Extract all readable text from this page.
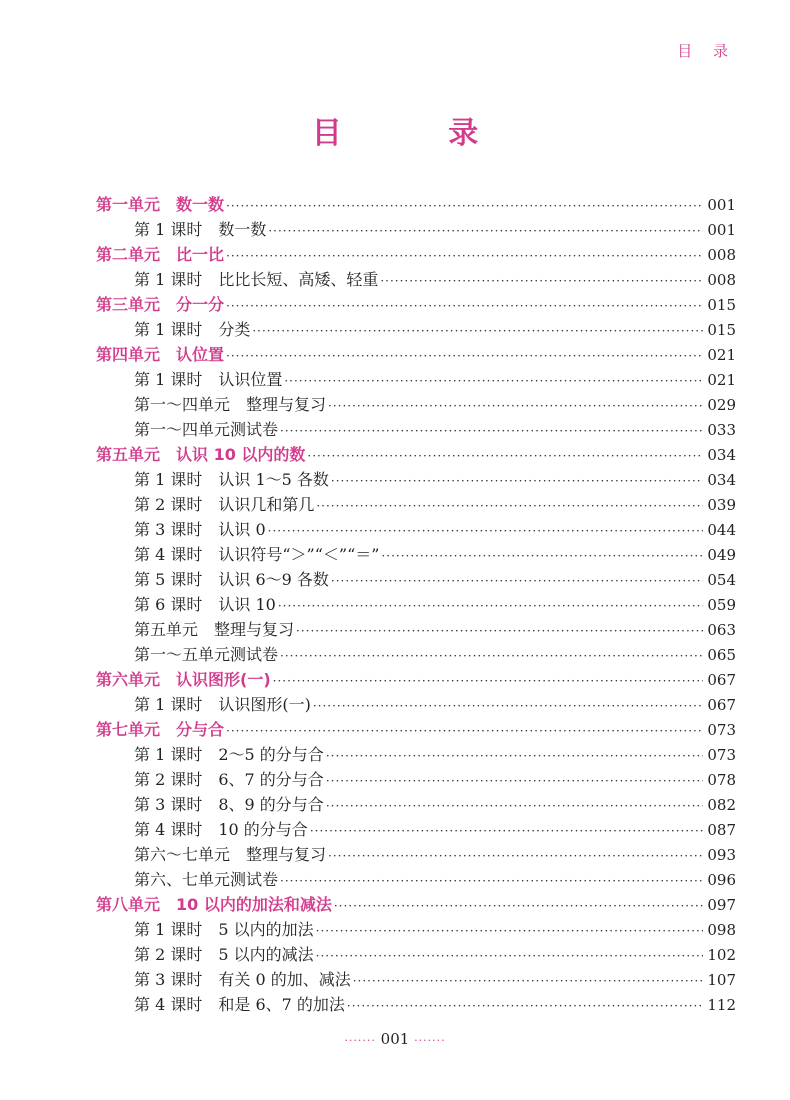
目 录
目 录
第一单元　数一数 ·····	001
第 1 课时　数一数 ·····	001
第二单元　比一比 ·····	008
第 1 课时　比比长短、高矮、轻重 ·····	008
第三单元　分一分 ·····	015
第 1 课时　分类 ·····	015
第四单元　认位置 ·····	021
第 1 课时　认识位置 ·····	021
第一～四单元　整理与复习 ·····	029
第一～四单元测试卷 ·····	033
第五单元　认识 10 以内的数 ·····	034
第 1 课时　认识 1～5 各数 ·····	034
第 2 课时　认识几和第几 ·····	039
第 3 课时　认识 0 ·····	044
第 4 课时　认识符号“＞”“＜”“＝” ·····	049
第 5 课时　认识 6～9 各数 ·····	054
第 6 课时　认识 10 ·····	059
第五单元　整理与复习 ·····	063
第一～五单元测试卷 ·····	065
第六单元　认识图形(一) ·····	067
第 1 课时　认识图形(一) ·····	067
第七单元　分与合 ·····	073
第 1 课时　2～5 的分与合 ·····	073
第 2 课时　6、7 的分与合 ·····	078
第 3 课时　8、9 的分与合 ·····	082
第 4 课时　10 的分与合 ·····	087
第六～七单元　整理与复习 ·····	093
第六、七单元测试卷 ·····	096
第八单元　10 以内的加法和减法 ·····	097
第 1 课时　5 以内的加法 ·····	098
第 2 课时　5 以内的减法 ·····	102
第 3 课时　有关 0 的加、减法 ·····	107
第 4 课时　和是 6、7 的加法 ·····	112
······· 001 ·······
